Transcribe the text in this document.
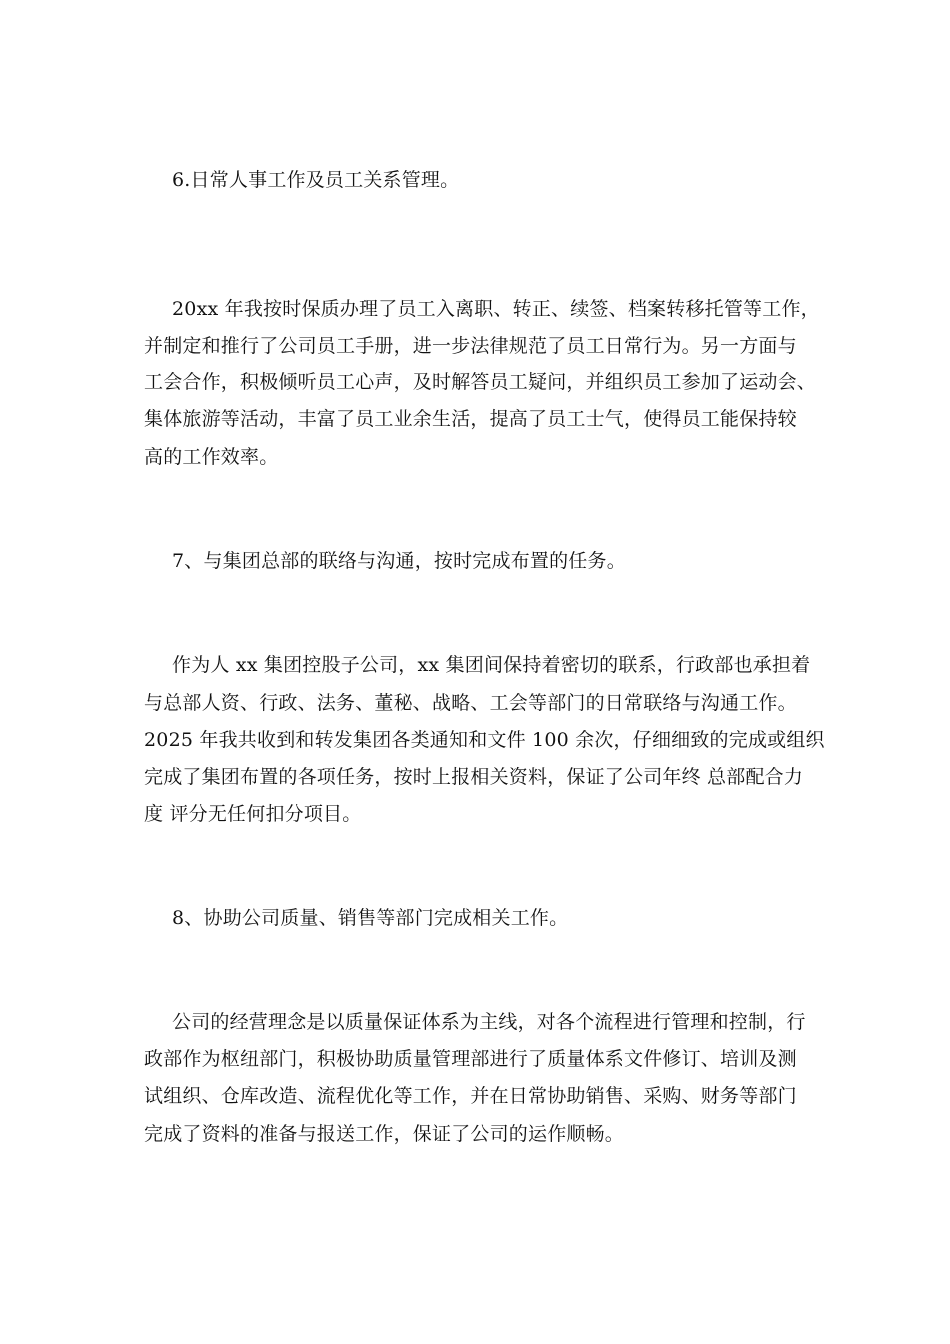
6.日常人事工作及员工关系管理。
20xx 年我按时保质办理了员工入离职、转正、续签、档案转移托管等工作，
并制定和推行了公司员工手册，进一步法律规范了员工日常行为。另一方面与
工会合作，积极倾听员工心声，及时解答员工疑问，并组织员工参加了运动会、
集体旅游等活动，丰富了员工业余生活，提高了员工士气，使得员工能保持较
高的工作效率。
7、与集团总部的联络与沟通，按时完成布置的任务。
作为人 xx 集团控股子公司，xx 集团间保持着密切的联系，行政部也承担着
与总部人资、行政、法务、董秘、战略、工会等部门的日常联络与沟通工作。
2025 年我共收到和转发集团各类通知和文件 100 余次，仔细细致的完成或组织
完成了集团布置的各项任务，按时上报相关资料，保证了公司年终 总部配合力
度 评分无任何扣分项目。
8、协助公司质量、销售等部门完成相关工作。
公司的经营理念是以质量保证体系为主线，对各个流程进行管理和控制，行
政部作为枢纽部门，积极协助质量管理部进行了质量体系文件修订、培训及测
试组织、仓库改造、流程优化等工作，并在日常协助销售、采购、财务等部门
完成了资料的准备与报送工作，保证了公司的运作顺畅。
